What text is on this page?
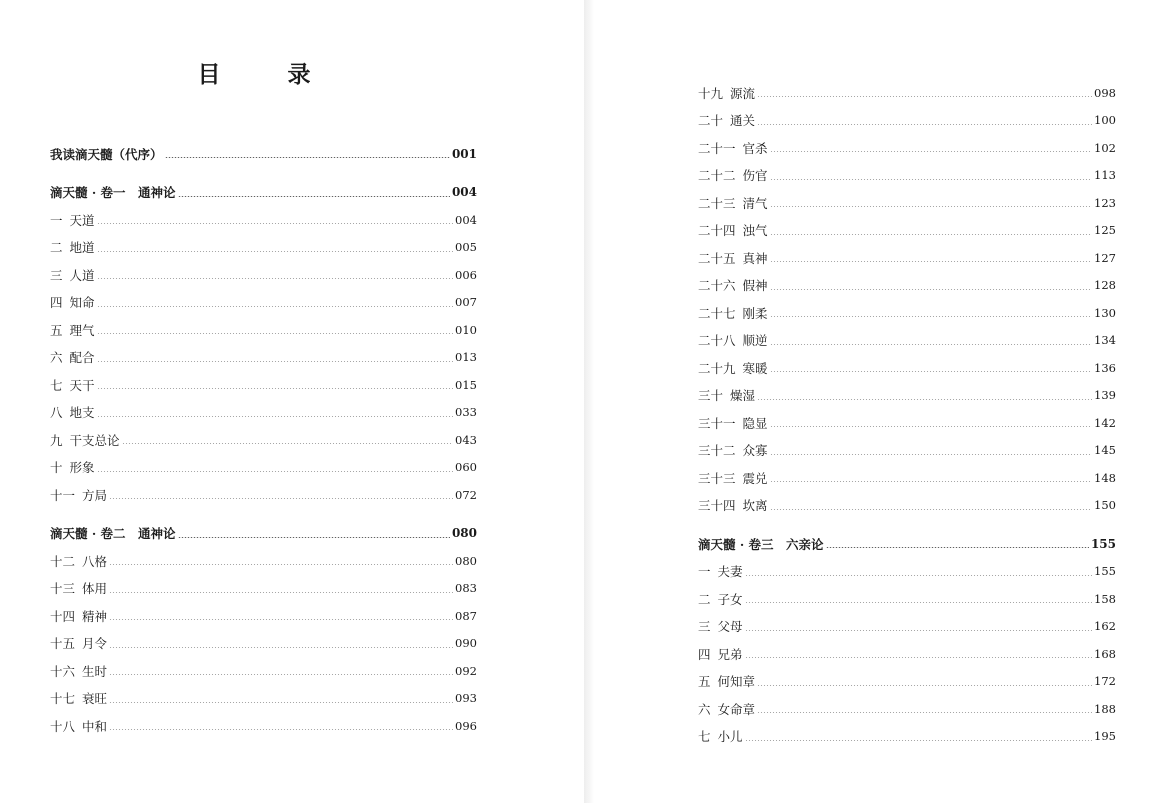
目　录
我读滴天髓（代序）	001
滴天髓 · 卷一　通神论	004
一 天道	004
二 地道	005
三 人道	006
四 知命	007
五 理气	010
六 配合	013
七 天干	015
八 地支	033
九 干支总论	043
十 形象	060
十一 方局	072
滴天髓 · 卷二　通神论	080
十二 八格	080
十三 体用	083
十四 精神	087
十五 月令	090
十六 生时	092
十七 衰旺	093
十八 中和	096
十九 源流	098
二十 通关	100
二十一 官杀	102
二十二 伤官	113
二十三 清气	123
二十四 浊气	125
二十五 真神	127
二十六 假神	128
二十七 刚柔	130
二十八 顺逆	134
二十九 寒暖	136
三十 燥湿	139
三十一 隐显	142
三十二 众寡	145
三十三 震兑	148
三十四 坎离	150
滴天髓 · 卷三　六亲论	155
一 夫妻	155
二 子女	158
三 父母	162
四 兄弟	168
五 何知章	172
六 女命章	188
七 小儿	195
